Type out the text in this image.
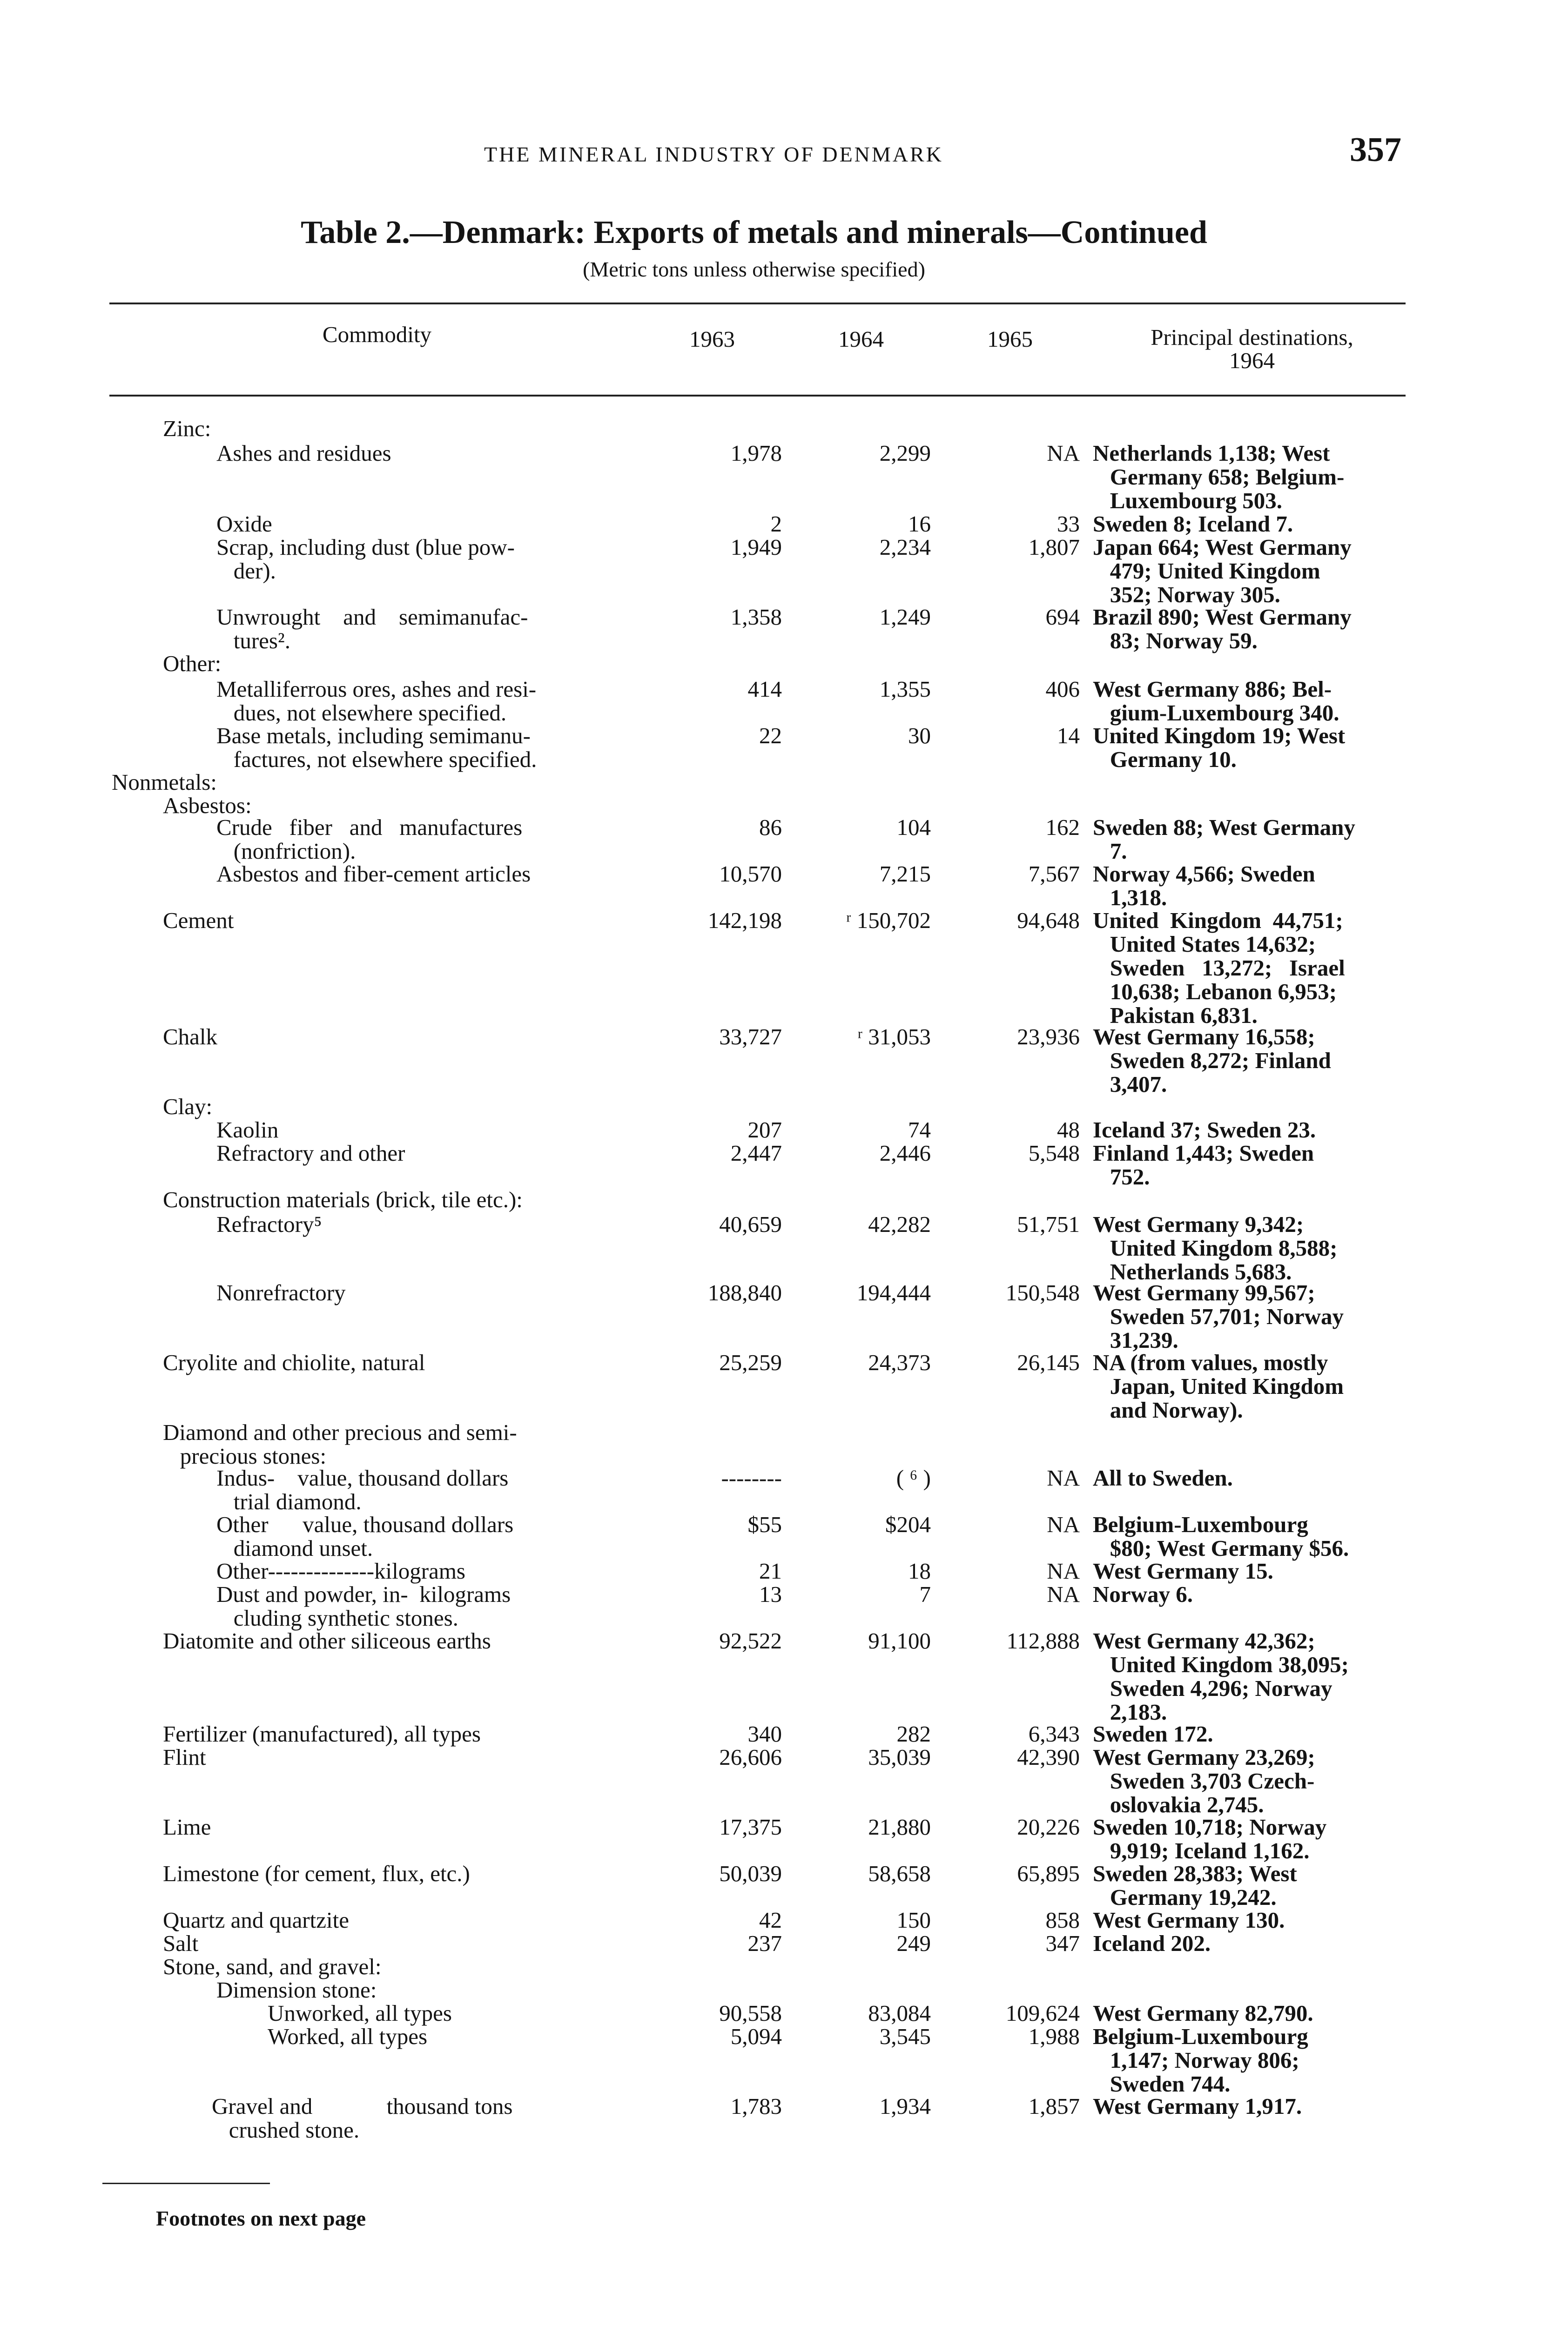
THE MINERAL INDUSTRY OF DENMARK	357
Table 2.—Denmark: Exports of metals and minerals—Continued
(Metric tons unless otherwise specified)
Commodity	1963	1964	1965	Principal destinations,
1964
Zinc:
Ashes and residues	1,978	2,299	NA Netherlands 1,138; West
Germany 658; Belgium-
Luxembourg 503.
Oxide	2	16	33 Sweden 8; Iceland 7.
Scrap, including dust (blue pow-
der).
1,949	2,234	1,807 Japan 664; West Germany
479; United Kingdom
352; Norway 305.
Unwrought    and    semimanufac-
tures².
1,358	1,249	694 Brazil 890; West Germany
83; Norway 59.
Other:
Metalliferrous ores, ashes and resi-
dues, not elsewhere specified.
414	1,355	406 West Germany 886; Bel-
gium-Luxembourg 340.
Base metals, including semimanu-
factures, not elsewhere specified.
22	30	14 United Kingdom 19; West
Germany 10.
Nonmetals:
Asbestos:
Crude   fiber   and   manufactures
(nonfriction).
86	104	162 Sweden 88; West Germany
7.
Asbestos and fiber-cement articles	10,570	7,215	7,567 Norway 4,566; Sweden
1,318.
Cement	142,198	ʳ 150,702	94,648 United  Kingdom  44,751;
United States 14,632;
Sweden   13,272;   Israel
10,638; Lebanon 6,953;
Pakistan 6,831.
Chalk	33,727	ʳ 31,053	23,936 West Germany 16,558;
Sweden 8,272; Finland
3,407.
Clay:
Kaolin	207	74	48 Iceland 37; Sweden 23.
Refractory and other	2,447	2,446	5,548 Finland 1,443; Sweden
752.
Construction materials (brick, tile etc.):
Refractory⁵	40,659	42,282	51,751 West Germany 9,342;
United Kingdom 8,588;
Netherlands 5,683.
Nonrefractory	188,840	194,444	150,548 West Germany 99,567;
Sweden 57,701; Norway
31,239.
Cryolite and chiolite, natural	25,259	24,373	26,145 NA (from values, mostly
Japan, United Kingdom
and Norway).
Diamond and other precious and semi-
precious stones:
Indus-    value, thousand dollars
trial diamond.
--------	( ⁶ )	NA All to Sweden.
Other      value, thousand dollars
diamond unset.
$55	$204	NA Belgium-Luxembourg
$80; West Germany $56.
Other--------------kilograms	21	18	NA West Germany 15.
Dust and powder, in-  kilograms
cluding synthetic stones.
13	7	NA Norway 6.
Diatomite and other siliceous earths	92,522	91,100	112,888 West Germany 42,362;
United Kingdom 38,095;
Sweden 4,296; Norway
2,183.
Fertilizer (manufactured), all types	340	282	6,343 Sweden 172.
Flint	26,606	35,039	42,390 West Germany 23,269;
Sweden 3,703 Czech-
oslovakia 2,745.
Lime	17,375	21,880	20,226 Sweden 10,718; Norway
9,919; Iceland 1,162.
Limestone (for cement, flux, etc.)	50,039	58,658	65,895 Sweden 28,383; West
Germany 19,242.
Quartz and quartzite	42	150	858 West Germany 130.
Salt	237	249	347 Iceland 202.
Stone, sand, and gravel:
Dimension stone:
Unworked, all types	90,558	83,084	109,624 West Germany 82,790.
Worked, all types	5,094	3,545	1,988 Belgium-Luxembourg
1,147; Norway 806;
Sweden 744.
Gravel and             thousand tons
crushed stone.
1,783	1,934	1,857 West Germany 1,917.
Footnotes on next page
